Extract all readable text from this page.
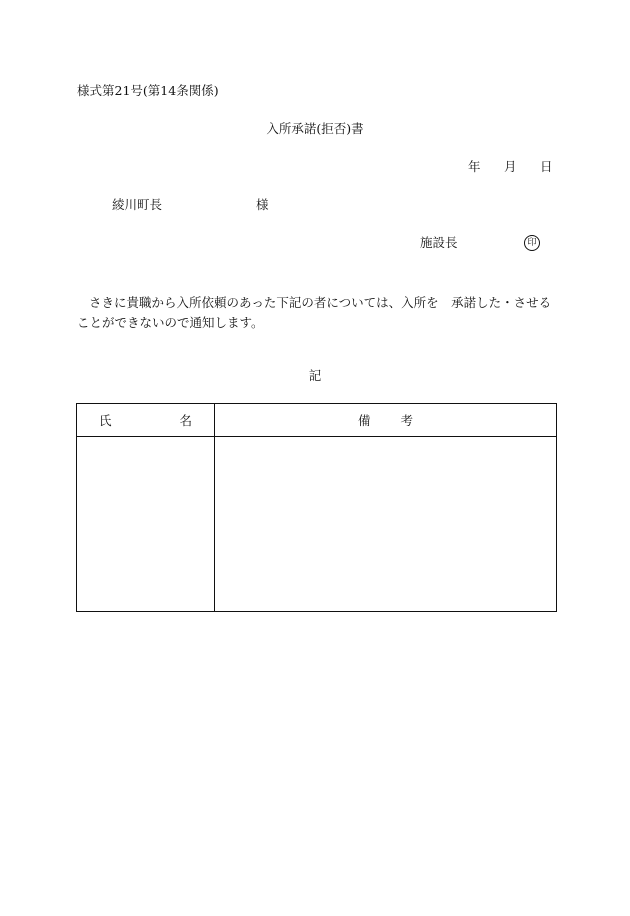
様式第21号(第14条関係)
入所承諾(拒否)書
年 月 日
綾川町長	様
施設長	印
さきに貴職から入所依頼のあった下記の者については、入所を　承諾した・させることができないので通知します。
記
氏 名	備 考
